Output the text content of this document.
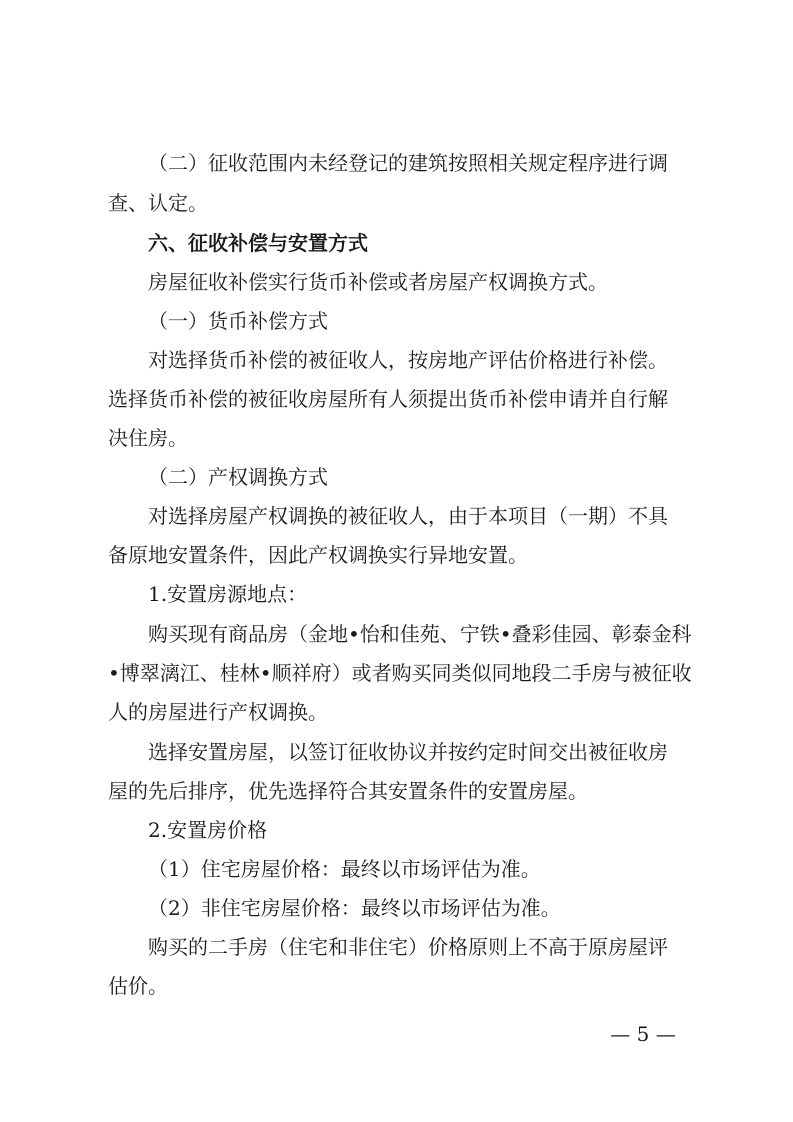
（二）征收范围内未经登记的建筑按照相关规定程序进行调
查、认定。
六、征收补偿与安置方式
房屋征收补偿实行货币补偿或者房屋产权调换方式。
（一）货币补偿方式
对选择货币补偿的被征收人，按房地产评估价格进行补偿。
选择货币补偿的被征收房屋所有人须提出货币补偿申请并自行解
决住房。
（二）产权调换方式
对选择房屋产权调换的被征收人，由于本项目（一期）不具
备原地安置条件，因此产权调换实行异地安置。
1.安置房源地点：
购买现有商品房（金地•怡和佳苑、宁铁•叠彩佳园、彰泰金科
•博翠漓江、桂林•顺祥府）或者购买同类似同地段二手房与被征收
人的房屋进行产权调换。
选择安置房屋，以签订征收协议并按约定时间交出被征收房
屋的先后排序，优先选择符合其安置条件的安置房屋。
2.安置房价格
（1）住宅房屋价格：最终以市场评估为准。
（2）非住宅房屋价格：最终以市场评估为准。
购买的二手房（住宅和非住宅）价格原则上不高于原房屋评
估价。
— 5 —
